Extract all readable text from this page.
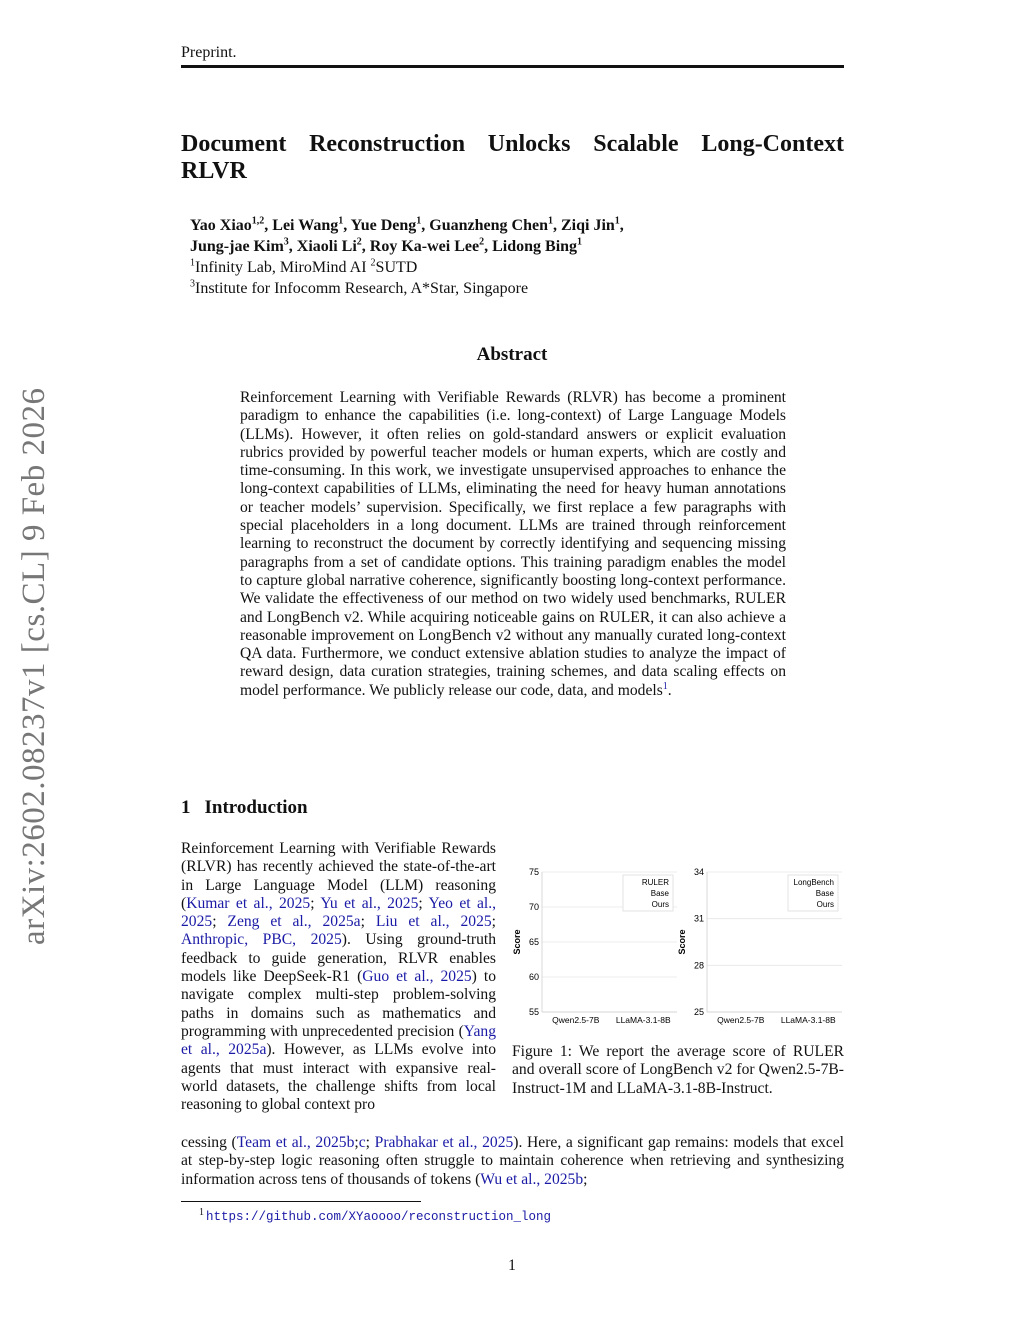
Preprint.
arXiv:2602.08237v1 [cs.CL] 9 Feb 2026
Document Reconstruction Unlocks Scalable Long-Context RLVR
Yao Xiao$^{1,2}$, Lei Wang$^1$, Yue Deng$^1$, Guanzheng Chen$^1$, Ziqi Jin$^1$,
Jung-jae Kim$^3$, Xiaoli Li$^2$, Roy Ka-wei Lee$^2$, Lidong Bing$^1$
$^1$Infinity Lab, MiroMind AI $^2$SUTD
$^3$Institute for Infocomm Research, A*Star, Singapore
Abstract
Reinforcement Learning with Verifiable Rewards (RLVR) has become a prominent paradigm to enhance the capabilities (i.e. long-context) of Large Language Models (LLMs). However, it often relies on gold-standard answers or explicit evaluation rubrics provided by powerful teacher models or human experts, which are costly and time-consuming. In this work, we investigate unsupervised approaches to enhance the long-context capabilities of LLMs, eliminating the need for heavy human annotations or teacher models’ supervision. Specifically, we first replace a few paragraphs with special placeholders in a long document. LLMs are trained through reinforcement learning to reconstruct the document by correctly identifying and sequencing missing paragraphs from a set of candidate options. This training paradigm enables the model to capture global narrative coherence, significantly boosting long-context performance. We validate the effectiveness of our method on two widely used benchmarks, RULER and LongBench v2. While acquiring noticeable gains on RULER, it can also achieve a reasonable improvement on LongBench v2 without any manually curated long-context QA data. Furthermore, we conduct extensive ablation studies to analyze the impact of reward design, data curation strategies, training schemes, and data scaling effects on model performance. We publicly release our code, data, and models$^1$.
1 Introduction
Reinforcement Learning with Verifiable Rewards (RLVR) has recently achieved the state-of-the-art in Large Language Model (LLM) reasoning (Kumar et al., 2025; Yu et al., 2025; Yeo et al., 2025; Zeng et al., 2025a; Liu et al., 2025; Anthropic, PBC, 2025). Using ground-truth feedback to guide generation, RLVR enables models like DeepSeek-R1 (Guo et al., 2025) to navigate complex multi-step problem-solving paths in domains such as mathematics and programming with unprecedented precision (Yang et al., 2025a). However, as LLMs evolve into agents that must interact with expansive real-world datasets, the challenge shifts from local reasoning to global context pro
cessing (Team et al., 2025b;c; Prabhakar et al., 2025). Here, a significant gap remains: models that excel at step-by-step logic reasoning often struggle to maintain coherence when retrieving and synthesizing information across tens of thousands of tokens (Wu et al., 2025b;
55
60
65
70
75
Score
Qwen2.5-7B LLaMA-3.1-8B
RULER
Base
Ours
25
28
31
34
Score
Qwen2.5-7B LLaMA-3.1-8B
LongBench
Base
Ours
Figure 1: We report the average score of RULER and overall score of LongBench v2 for Qwen2.5-7B-Instruct-1M and LLaMA-3.1-8B-Instruct.
$^1$ https://github.com/XYaoooo/reconstruction_long
1
